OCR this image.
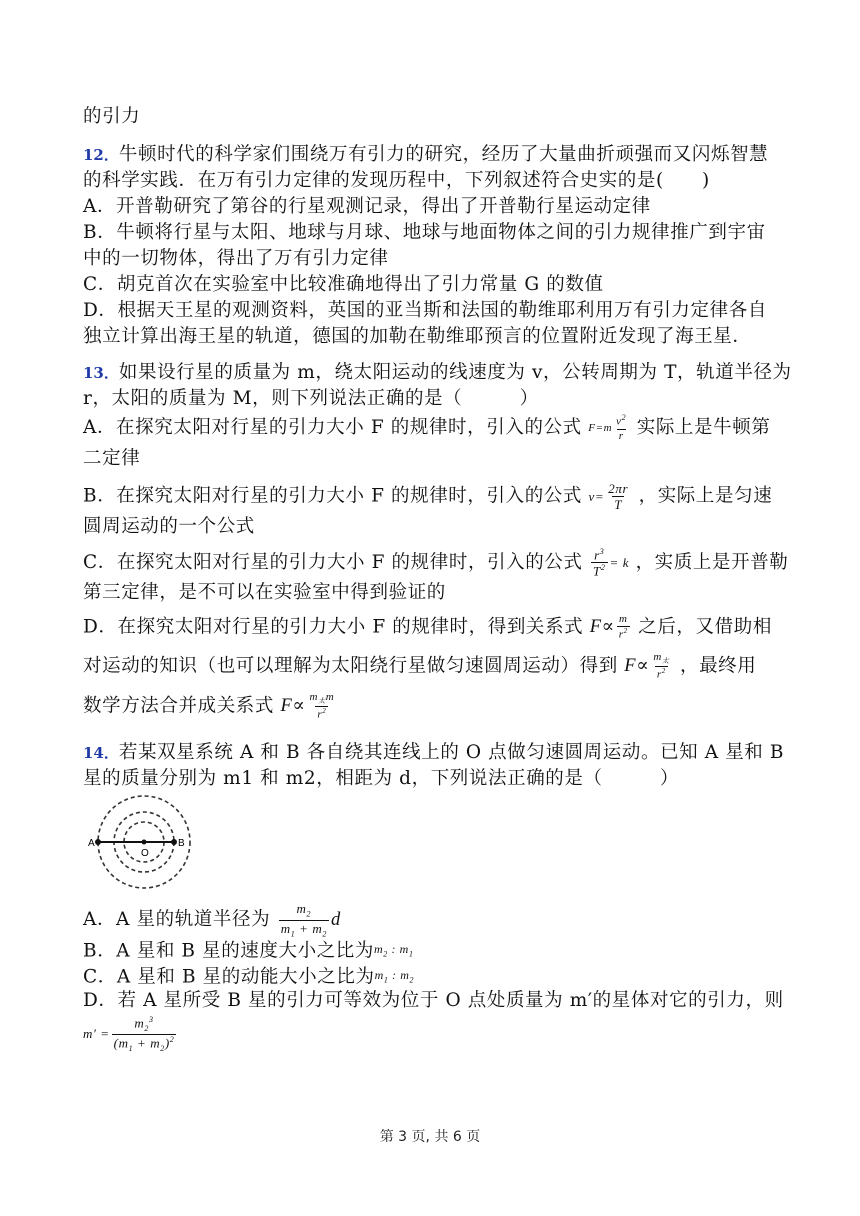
的引力
12．牛顿时代的科学家们围绕万有引力的研究，经历了大量曲折顽强而又闪烁智慧
的科学实践．在万有引力定律的发现历程中，下列叙述符合史实的是(　　)
A．开普勒研究了第谷的行星观测记录，得出了开普勒行星运动定律
B．牛顿将行星与太阳、地球与月球、地球与地面物体之间的引力规律推广到宇宙
中的一切物体，得出了万有引力定律
C．胡克首次在实验室中比较准确地得出了引力常量 G 的数值
D．根据天王星的观测资料，英国的亚当斯和法国的勒维耶利用万有引力定律各自
独立计算出海王星的轨道，德国的加勒在勒维耶预言的位置附近发现了海王星．
13．如果设行星的质量为 m，绕太阳运动的线速度为 v，公转周期为 T，轨道半径为
r，太阳的质量为 M，则下列说法正确的是（　　　）
A．在探究太阳对行星的引力大小 F 的规律时，引入的公式 $F=m \frac{v^2}{r}$ 实际上是牛顿第
二定律
B．在探究太阳对行星的引力大小 F 的规律时，引入的公式 $v= \frac{2\pi r}{T}$ ，实际上是匀速
圆周运动的一个公式
C．在探究太阳对行星的引力大小 F 的规律时，引入的公式 $\frac{r^3}{T^2} = k$ ，实质上是开普勒
第三定律，是不可以在实验室中得到验证的
D．在探究太阳对行星的引力大小 F 的规律时，得到关系式 $F\propto \frac{m}{r^2}$ 之后，又借助相
对运动的知识（也可以理解为太阳绕行星做匀速圆周运动）得到 $F\propto \frac{m_太}{r^2}$ ，最终用
数学方法合并成关系式 $F\propto \frac{m_太m}{r^2}$
14．若某双星系统 A 和 B 各自绕其连线上的 O 点做匀速圆周运动。已知 A 星和 B
星的质量分别为 m1 和 m2，相距为 d，下列说法正确的是（　　　）
A
O
B
A．A 星的轨道半径为 $\frac{m_2}{m_1 + m_2}$ d
B．A 星和 B 星的速度大小之比为$m_2$ : $m_1$
C．A 星和 B 星的动能大小之比为$m_1$ : $m_2$
D．若 A 星所受 B 星的引力可等效为位于 O 点处质量为 m′的星体对它的引力，则
$m' = \frac{m_2^3}{(m_1 + m_2)^2}$
第 3 页, 共 6 页
